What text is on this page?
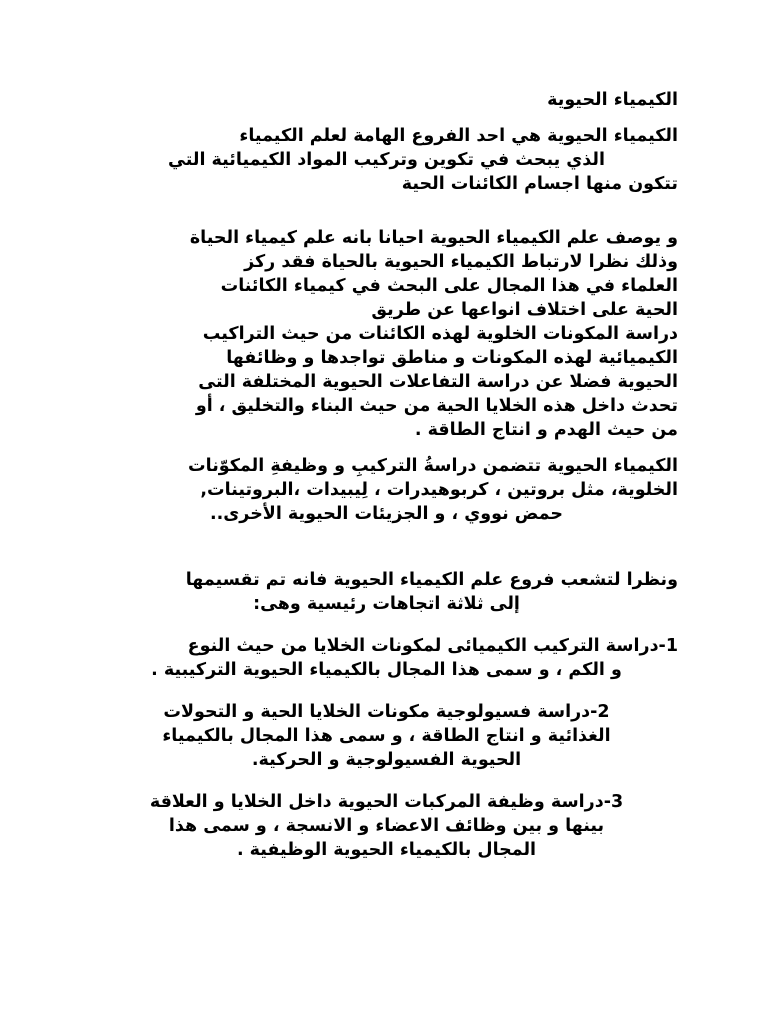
الكيمياء الحيوية
الكيمياء الحيوية هي احد الفروع الهامة لعلم الكيمياء
الذي يبحث في تكوين وتركيب المواد الكيميائية التي
تتكون منها اجسام الكائنات الحية
و يوصف علم الكيمياء الحيوية احيانا بانه علم كيمياء الحياة
وذلك نظرا لارتباط الكيمياء الحيوية بالحياة فقد ركز
العلماء في هذا المجال على البحث في كيمياء الكائنات
الحية على اختلاف انواعها عن طريق
دراسة المكونات الخلوية لهذه الكائنات من حيث التراكيب
الكيميائية لهذه المكونات و مناطق تواجدها و وظائفها
الحيوية فضلا عن دراسة التفاعلات الحيوية المختلفة التى
تحدث داخل هذه الخلايا الحية من حيث البناء والتخليق ، أو
من حيث الهدم و انتاج الطاقة .
الكيمياء الحيوية تتضمن دراسةُ التركيبِ و وظيفةِ المكوّنات
الخلوية، مثل بروتين ، كربوهيدرات ، لِيبيدات ،البروتينات,
حمض نووي ، و الجزيئات الحيوية الأخرى..
ونظرا لتشعب فروع علم الكيمياء الحيوية فانه تم تقسيمها
إلى ثلاثة اتجاهات رئيسية وهى:
1-دراسة التركيب الكيميائى لمكونات الخلايا من حيث النوع
و الكم ، و سمى هذا المجال بالكيمياء الحيوية التركيبية .
2-دراسة فسيولوجية مكونات الخلايا الحية و التحولات
الغذائية و انتاج الطاقة ، و سمى هذا المجال بالكيمياء
الحيوية الفسيولوجية و الحركية.
3-دراسة وظيفة المركبات الحيوية داخل الخلايا و العلاقة
بينها و بين وظائف الاعضاء و الانسجة ، و سمى هذا
المجال بالكيمياء الحيوية الوظيفية .
